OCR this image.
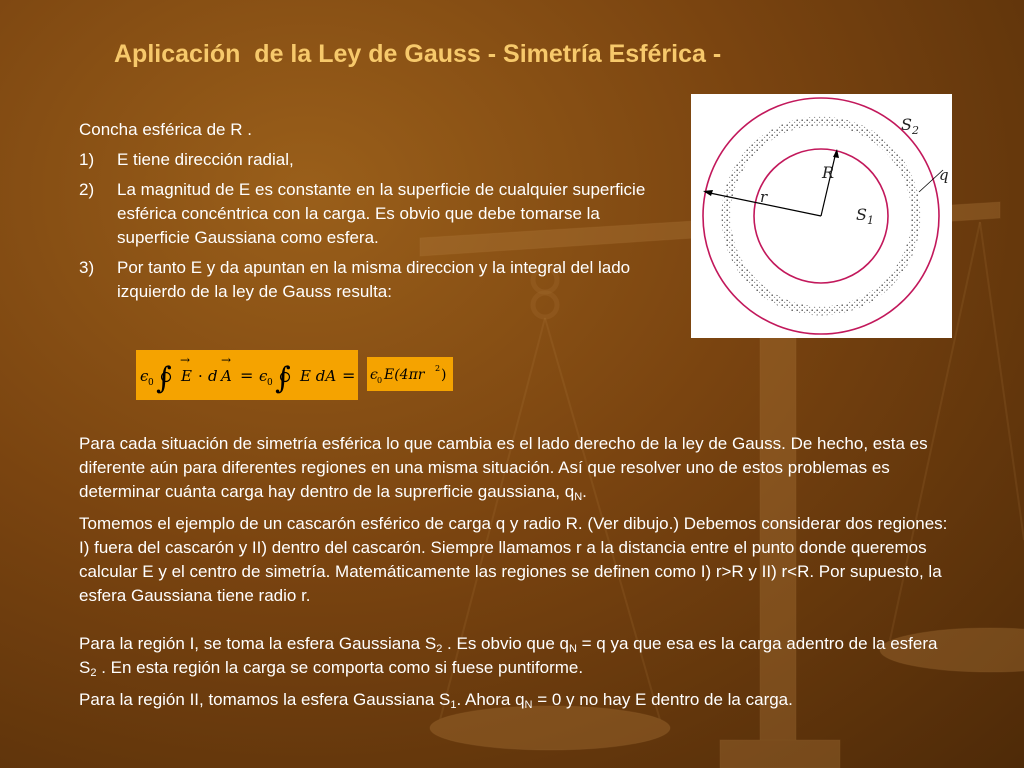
Aplicación  de la Ley de Gauss - Simetría Esférica -

Concha esférica de R .

1) E tiene dirección radial,
2) La magnitud de E es constante en la superficie de cualquier superficie esférica concéntrica con la carga. Es obvio que debe tomarse la superficie Gaussiana como esfera.
3) Por tanto E y da apuntan en la misma direccion y la integral del lado izquierdo de la ley de Gauss resulta:
$S_2$
$S_1$
q
R
r
ϵ 0 ∫ E
→
· d A
→
= ϵ 0 ∫ E dA = ϵ 0 E(4πr 2 )

Para cada situación de simetría esférica lo que cambia es el lado derecho de la ley de Gauss. De hecho, esta es diferente aún para diferentes regiones en una misma situación. Así que resolver uno de estos problemas es determinar cuánta carga hay dentro de la suprerficie gaussiana, $q_N$.

Tomemos el ejemplo de un cascarón esférico de carga q y radio R. (Ver dibujo.) Debemos considerar dos regiones: I) fuera del cascarón y II) dentro del cascarón. Siempre llamamos r a la distancia entre el punto donde queremos calcular E y el centro de simetría. Matemáticamente las regiones se definen como I) r>R y II) r<R. Por supuesto, la esfera Gaussiana tiene radio r.

Para la región I, se toma la esfera Gaussiana $S_2$ . Es obvio que $q_N = q$ ya que esa es la carga adentro de la esfera $S_2$ . En esta región la carga se comporta como si fuese puntiforme.

Para la región II, tomamos la esfera Gaussiana $S_1$. Ahora $q_N = 0$ y no hay E dentro de la carga.
